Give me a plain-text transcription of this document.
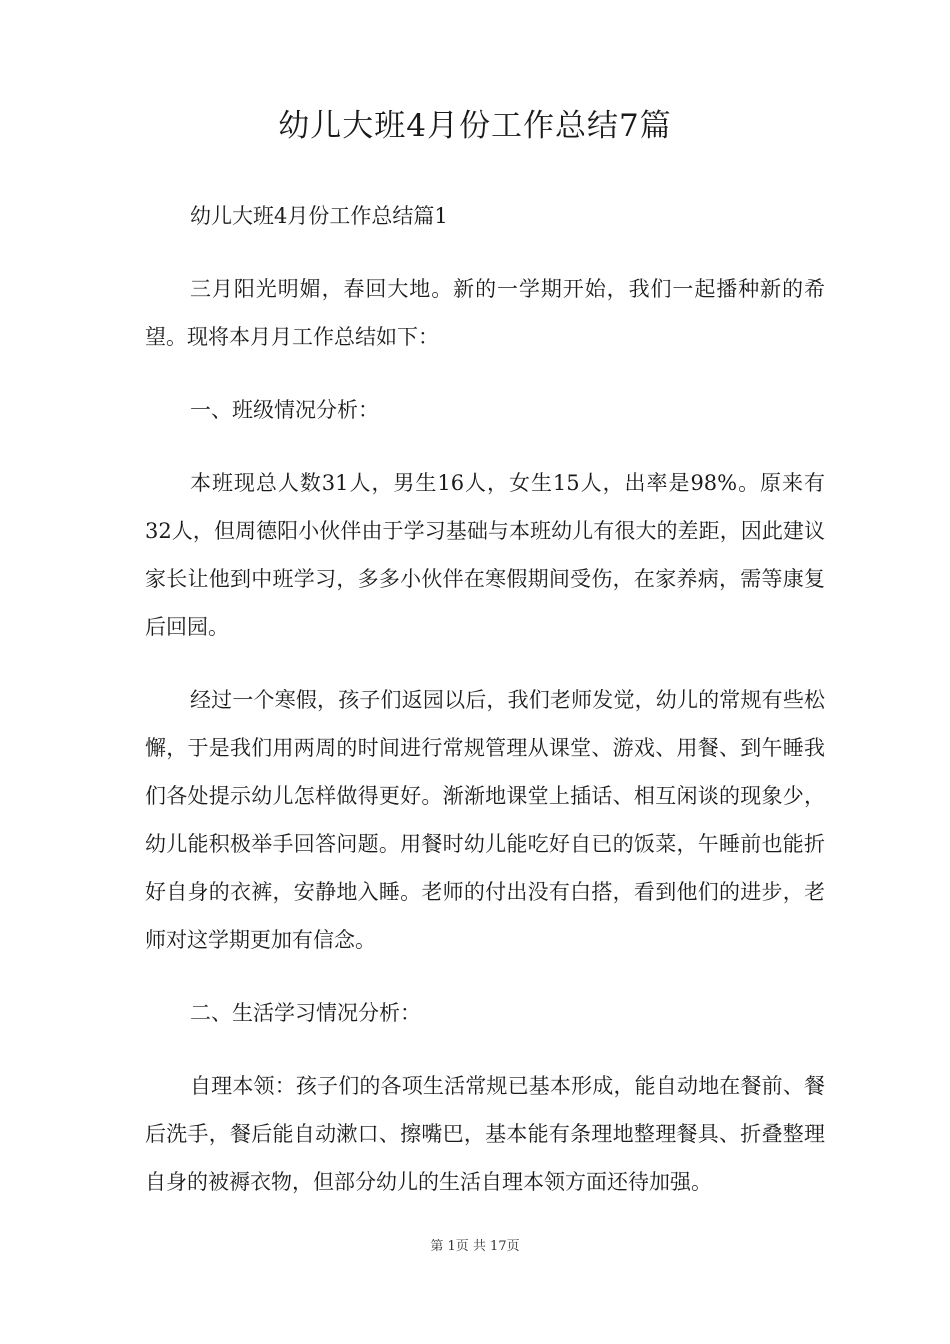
幼儿大班4月份工作总结7篇

幼儿大班4月份工作总结篇1

三月阳光明媚，春回大地。新的一学期开始，我们一起播种新的希望。现将本月月工作总结如下：

一、班级情况分析：

本班现总人数31人，男生16人，女生15人，出率是98%。原来有32人，但周德阳小伙伴由于学习基础与本班幼儿有很大的差距，因此建议家长让他到中班学习，多多小伙伴在寒假期间受伤，在家养病，需等康复后回园。

经过一个寒假，孩子们返园以后，我们老师发觉，幼儿的常规有些松懈，于是我们用两周的时间进行常规管理从课堂、游戏、用餐、到午睡我们各处提示幼儿怎样做得更好。渐渐地课堂上插话、相互闲谈的现象少，幼儿能积极举手回答问题。用餐时幼儿能吃好自已的饭菜，午睡前也能折好自身的衣裤，安静地入睡。老师的付出没有白搭，看到他们的进步，老师对这学期更加有信念。

二、生活学习情况分析：

自理本领：孩子们的各项生活常规已基本形成，能自动地在餐前、餐后洗手，餐后能自动漱口、擦嘴巴，基本能有条理地整理餐具、折叠整理自身的被褥衣物，但部分幼儿的生活自理本领方面还待加强。

第 1页 共 17页
